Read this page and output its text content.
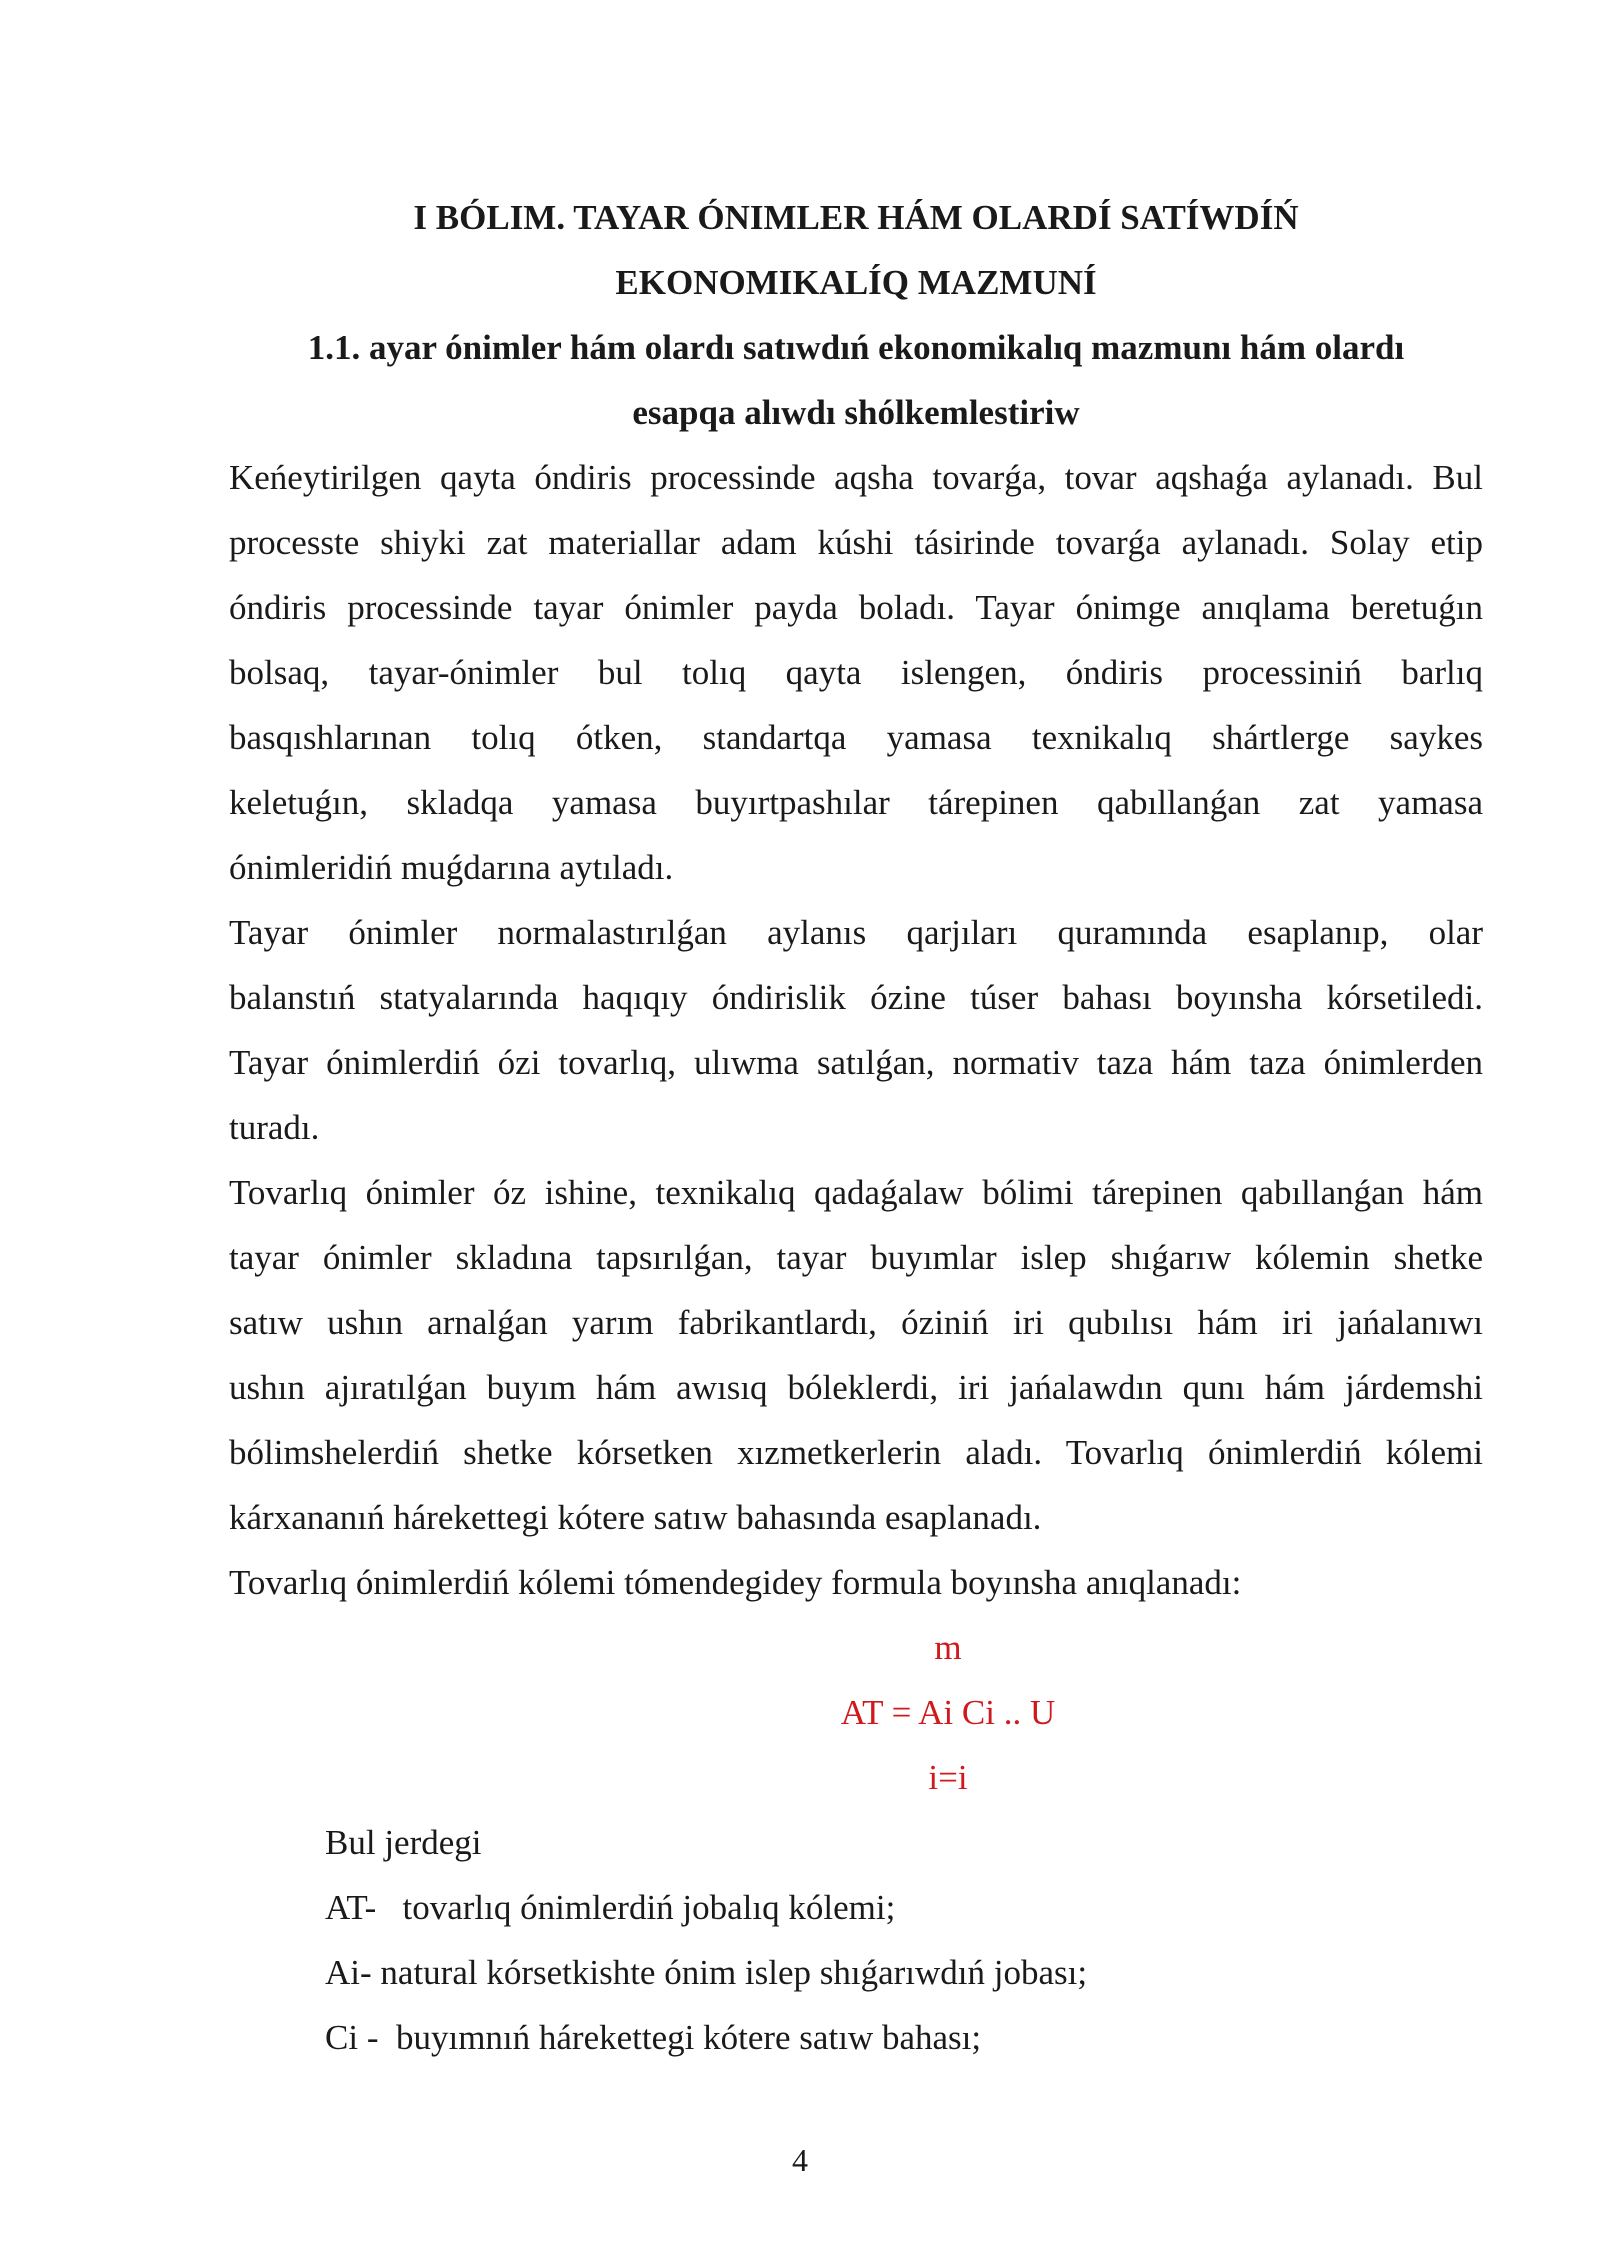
I BÓLIM. TAYAR ÓNIMLER HÁM OLARDÍ SATÍWDÍŃ
EKONOMIKALÍQ MAZMUNÍ
1.1. ayar ónimler hám olardı satıwdıń ekonomikalıq mazmunı hám olardı
esapqa alıwdı shólkemlestiriw
Keńeytirilgen qayta óndiris processinde aqsha tovarǵa, tovar aqshaǵa aylanadı. Bul
processte shiyki zat materiallar adam kúshi tásirinde tovarǵa aylanadı. Solay etip
óndiris processinde tayar ónimler payda boladı. Tayar ónimge anıqlama beretuǵın
bolsaq, tayar-ónimler bul tolıq qayta islengen, óndiris processiniń barlıq
basqıshlarınan tolıq ótken, standartqa yamasa texnikalıq shártlerge saykes
keletuǵın, skladqa yamasa buyırtpashılar tárepinen qabıllanǵan zat yamasa
ónimleridiń muǵdarına aytıladı.
Tayar ónimler normalastırılǵan aylanıs qarjıları quramında esaplanıp, olar
balanstıń statyalarında haqıqıy óndirislik ózine túser bahası boyınsha kórsetiledi.
Tayar ónimlerdiń ózi tovarlıq, ulıwma satılǵan, normativ taza hám taza ónimlerden
turadı.
Tovarlıq ónimler óz ishine, texnikalıq qadaǵalaw bólimi tárepinen qabıllanǵan hám
tayar ónimler skladına tapsırılǵan, tayar buyımlar islep shıǵarıw kólemin shetke
satıw ushın arnalǵan yarım fabrikantlardı, óziniń iri qubılısı hám iri jańalanıwı
ushın ajıratılǵan buyım hám awısıq bóleklerdi, iri jańalawdın qunı hám járdemshi
bólimshelerdiń shetke kórsetken xızmetkerlerin aladı. Tovarlıq ónimlerdiń kólemi
kárxananıń hárekettegi kótere satıw bahasında esaplanadı.
Tovarlıq ónimlerdiń kólemi tómendegidey formula boyınsha anıqlanadı:
m
AT = Ai Ci .. U
i=i
Bul jerdegi
AT-   tovarlıq ónimlerdiń jobalıq kólemi;
Ai- natural kórsetkishte ónim islep shıǵarıwdıń jobası;
Ci -  buyımnıń hárekettegi kótere satıw bahası;
4
